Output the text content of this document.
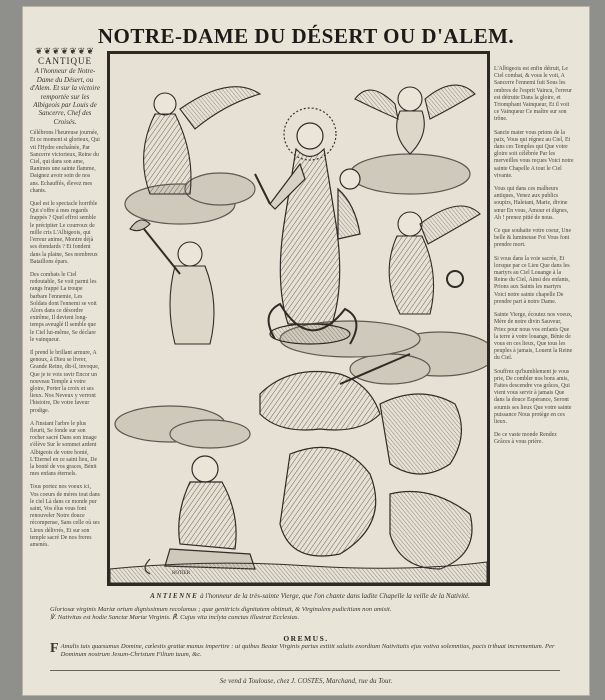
NOTRE-DAME DU DÉSERT OU D'ALEM.
❦❦❦❦❦❦❦
CANTIQUE
A l'honneur de Notre-Dame du Désert, ou d'Alem. Et sur la victoire remportée sur les Albigeois par Louis de Sancerre, Chef des Croisés.
Célébrons l'heureuse journée, Et ce moment si glorieux, Qui vit l'Hydre enchaînée, Par Sancerre victorieux, Reine du Ciel, qui dans son ame, Ranimes une sainte flamme, Daignez avoir soin de nos ans. Echauffés, élevez mes chants.
Quel est le spectacle horrible Qui s'offre à mes regards frappés ? Quel effroi semble le précipiter Le courroux de mille cris L'Albigeois, qui l'erreur anime, Montre déjà ses étendards ? Et fondent dans la plaine, Ses nombreux Bataillons épars.
Des combats le Ciel redoutable, Se voit parmi les rangs frappé La troupe barbare l'ennemie, Les Soldats dont l'ennemi se voit Alors dans ce désordre extrême, Il devient long-temps aveuglé Il semble que le Ciel lui-même, Se déclare le vainqueur.
Il prend le brillant armure, A genoux, à Dieu se livrer, Grande Reine, dit-il, invoque, Que je te vois ravir Encor un nouveau Temple à votre gloire, Porter la croix et ses lieux. Nos Neveux y verront l'histoire, De votre faveur prodige.
A l'instant l'arbre le plus fleurit, Se fonde sur son rocher sacré Dans son image s'élève Sur le sommet ardent Albigeois de votre bonté, L'Eternel en ce saint lieu, De la bonté de vos graces, Bénit mes enfans éternels.
Tous portez nos voeux ici, Vos coeurs de mères tout dans le ciel Là dans ce monde pur saint, Vos élus vous font renouveler Notre douce récompense, Sans celle où ses Lieux délivrés, Et sur son temple sacré De nos freres amenés.
ROTIER
L'Albigeois est enfin détruit, Le Ciel combat, & vous le voit, A Sancerre l'ennemi fuit Sous les ombres de l'esprit Vaincu, l'erreur est détruite Dans la gloire, et Triomphant Vainqueur, Et il voit ce Vainqueur Ce maître sur son trône.
Sancte mater vous prions de la paix, Vous qui régnez au Ciel, Et dans ces Temples qui Que votre gloire soit célébrée Par les merveilles vous reçues Voici notre sainte Chapelle A tout le Ciel vivante.
Vous qui dans ces malheurs antiques, Venez aux publics soupirs, Haletant, Marie, divine sœur En vous, Amour et dignes, Ah ! prenez pitié de nous.
Ce que souhaite votre coeur, Une belle & lumineuse Foi Vous font prendre mort.
Si vous dans la voie sacrée, Et lorsque par ce Lieu Que dans les martyrs au Ciel Louange à la Reine du Ciel, Ainsi des enfants, Prions aux Saints les martyrs Voici notre sainte chapelle De prendre part à notre Dame.
Sainte Vierge, écoutez nos voeux, Mère de notre divin Sauveur, Priez pour nous vos enfants Que la terre à votre louange, Bénie de vous en ces lieux, Que tous les peuples à jamais, Louent la Reine du Ciel.
Souffrez qu'humblement je vous prie, De combler nos bons amis, Faites descendre vos grâces, Qui vient vous servir à jamais Que dans la douce Espérance, Seront soumis ses lieux Que votre sainte puissance Nous protège en ces lieux.
De ce vaste monde Rendez Grâces à vous prière.
ANTIENNE à l'honneur de la très-sainte Vierge, que l'on chante dans ladite Chapelle la veille de la Nativité.
Gloriosæ virginis Mariæ ortum dignissimum recolamus ; quæ genitricis dignitatem obtinuit, & Virginalem pudicitiam non amisit.
℣. Nativitas est hodie Sanctæ Mariæ Virginis. ℟. Cujus vita inclyta cunctas illustrat Ecclesias.
OREMUS.
F Amulis tuis quæsumus Domine, cœlestis gratiæ munus impertire : ut quibus Beatæ Virginis partus extitit salutis exordium Nativitatis ejus votiva solemnitas, pacis tribuat incrementum. Per Dominum nostrum Jesum-Christum Filium tuum, &c.
Se vend à Toulouse, chez J. COSTES, Marchand, rue du Tour.
